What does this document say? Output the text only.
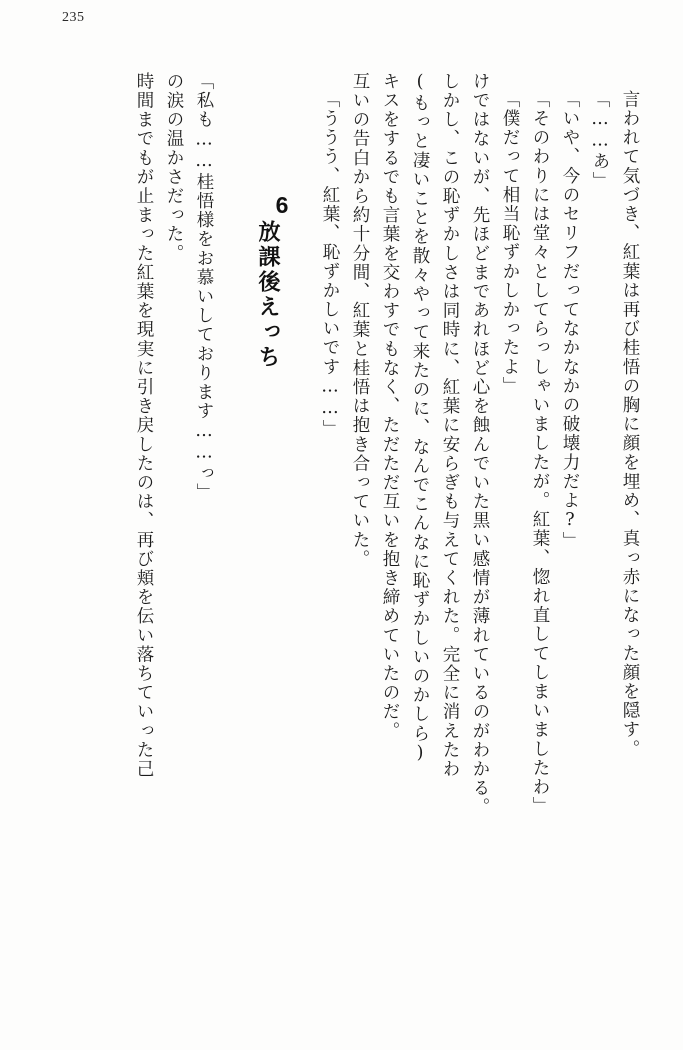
235
時間までもが止まった紅葉を現実に引き戻したのは、再び頬を伝い落ちていった己 の涙の温かさだった。 「私も……桂悟様をお慕いしております……っ」 6
放課後えっち	「ううう、紅葉、恥ずかしいです……」 互いの告白から約十分間、紅葉と桂悟は抱き合っていた。 キスをするでも言葉を交わすでもなく、ただただ互いを抱き締めていたのだ。 (もっと凄いことを散々やって来たのに、なんでこんなに恥ずかしいのかしら) しかし、この恥ずかしさは同時に、紅葉に安らぎも与えてくれた。完全に消えたわ けではないが、先ほどまであれほど心を蝕んでいた黒い感情が薄れているのがわかる。 「僕だって相当恥ずかしかったよ」 「そのわりには堂々としてらっしゃいましたが。紅葉、惚れ直してしまいましたわ」 「いや、今のセリフだってなかなかの破壊力だよ?」 「……あ」 言われて気づき、紅葉は再び桂悟の胸に顔を埋め、真っ赤になった顔を隠す。
